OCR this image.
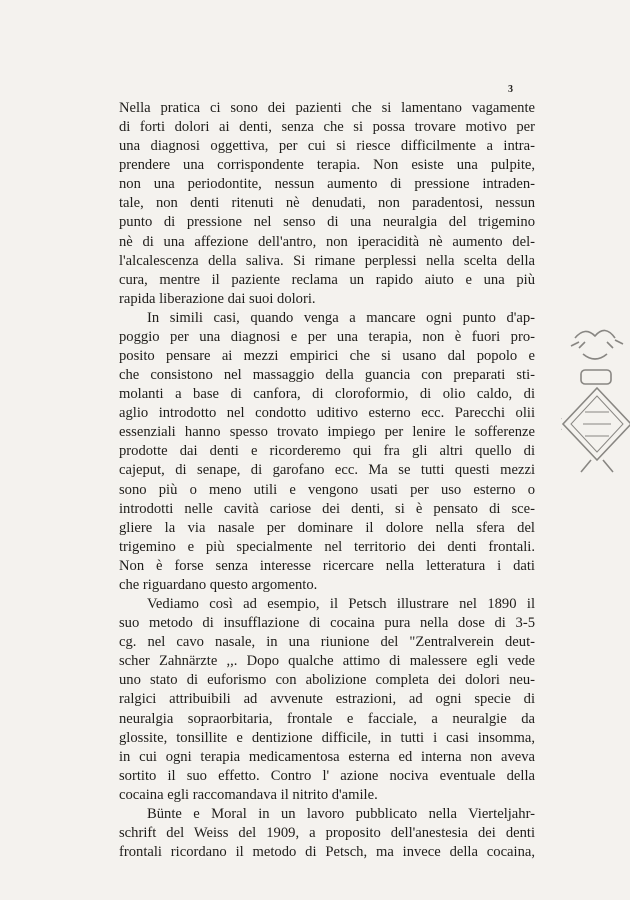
3
Nella pratica ci sono dei pazienti che si lamentano vagamente
di forti dolori ai denti, senza che si possa trovare motivo per
una diagnosi oggettiva, per cui si riesce difficilmente a intra-
prendere una corrispondente terapia. Non esiste una pulpite,
non una periodontite, nessun aumento di pressione intraden-
tale, non denti ritenuti nè denudati, non paradentosi, nessun
punto di pressione nel senso di una neuralgia del trigemino
nè di una affezione dell'antro, non iperacidità nè aumento del-
l'alcalescenza della saliva. Si rimane perplessi nella scelta della
cura, mentre il paziente reclama un rapido aiuto e una più
rapida liberazione dai suoi dolori.
In simili casi, quando venga a mancare ogni punto d'ap-
poggio per una diagnosi e per una terapia, non è fuori pro-
posito pensare ai mezzi empirici che si usano dal popolo e
che consistono nel massaggio della guancia con preparati sti-
molanti a base di canfora, di cloroformio, di olio caldo, di
aglio introdotto nel condotto uditivo esterno ecc. Parecchi olii
essenziali hanno spesso trovato impiego per lenire le sofferenze
prodotte dai denti e ricorderemo qui fra gli altri quello di
cajeput, di senape, di garofano ecc. Ma se tutti questi mezzi
sono più o meno utili e vengono usati per uso esterno o
introdotti nelle cavità cariose dei denti, si è pensato di sce-
gliere la via nasale per dominare il dolore nella sfera del
trigemino e più specialmente nel territorio dei denti frontali.
Non è forse senza interesse ricercare nella letteratura i dati
che riguardano questo argomento.
Vediamo così ad esempio, il Petsch illustrare nel 1890 il
suo metodo di insufflazione di cocaina pura nella dose di 3-5
cg. nel cavo nasale, in una riunione del "Zentralverein deut-
scher Zahnärzte ,,. Dopo qualche attimo di malessere egli vede
uno stato di euforismo con abolizione completa dei dolori neu-
ralgici attribuibili ad avvenute estrazioni, ad ogni specie di
neuralgia sopraorbitaria, frontale e facciale, a neuralgie da
glossite, tonsillite e dentizione difficile, in tutti i casi insomma,
in cui ogni terapia medicamentosa esterna ed interna non aveva
sortito il suo effetto. Contro l' azione nociva eventuale della
cocaina egli raccomandava il nitrito d'amile.
Bünte e Moral in un lavoro pubblicato nella Vierteljahr-
schrift del Weiss del 1909, a proposito dell'anestesia dei denti
frontali ricordano il metodo di Petsch, ma invece della cocaina,
